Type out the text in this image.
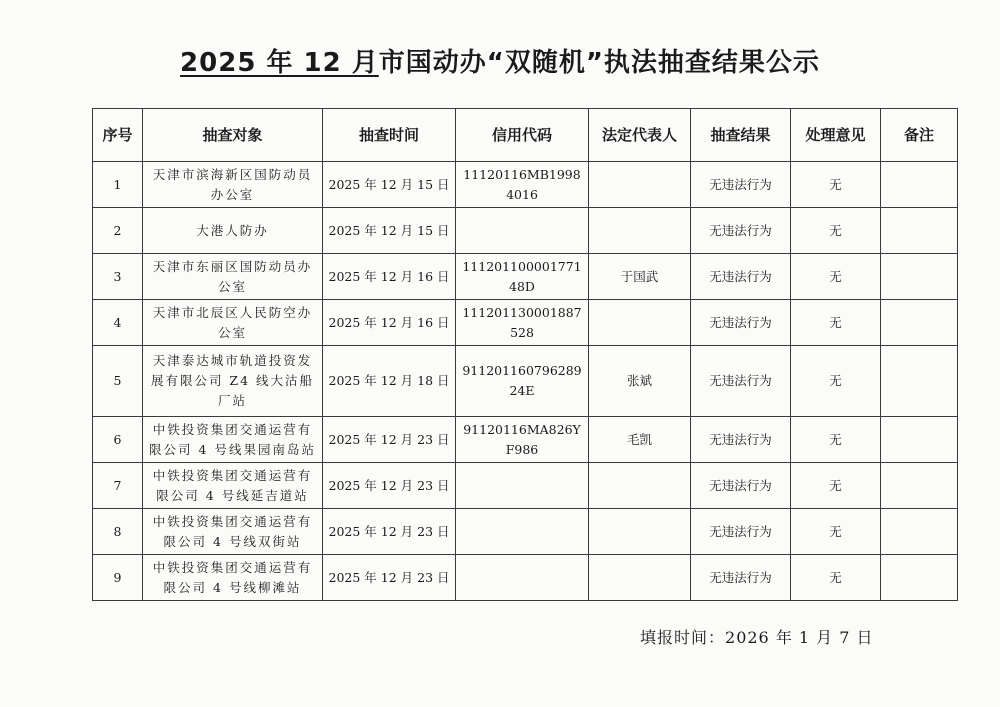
2025 年 12 月市国动办“双随机”执法抽查结果公示
序号	抽查对象	抽查时间	信用代码	法定代表人	抽查结果	处理意见	备注
1	天津市滨海新区国防动员办公室	2025 年 12 月 15 日	11120116MB19984016		无违法行为	无	
2	大港人防办	2025 年 12 月 15 日			无违法行为	无	
3	天津市东丽区国防动员办公室	2025 年 12 月 16 日	11120110000177148D	于国武	无违法行为	无	
4	天津市北辰区人民防空办公室	2025 年 12 月 16 日	111201130001887528		无违法行为	无	
5	天津泰达城市轨道投资发展有限公司 Z4 线大沽船厂站	2025 年 12 月 18 日	91120116079628924E	张斌	无违法行为	无	
6	中铁投资集团交通运营有限公司 4 号线果园南岛站	2025 年 12 月 23 日	91120116MA826YF986	毛凯	无违法行为	无	
7	中铁投资集团交通运营有限公司 4 号线延吉道站	2025 年 12 月 23 日			无违法行为	无	
8	中铁投资集团交通运营有限公司 4 号线双街站	2025 年 12 月 23 日			无违法行为	无	
9	中铁投资集团交通运营有限公司 4 号线柳滩站	2025 年 12 月 23 日			无违法行为	无	
填报时间：2026 年 1 月 7 日
